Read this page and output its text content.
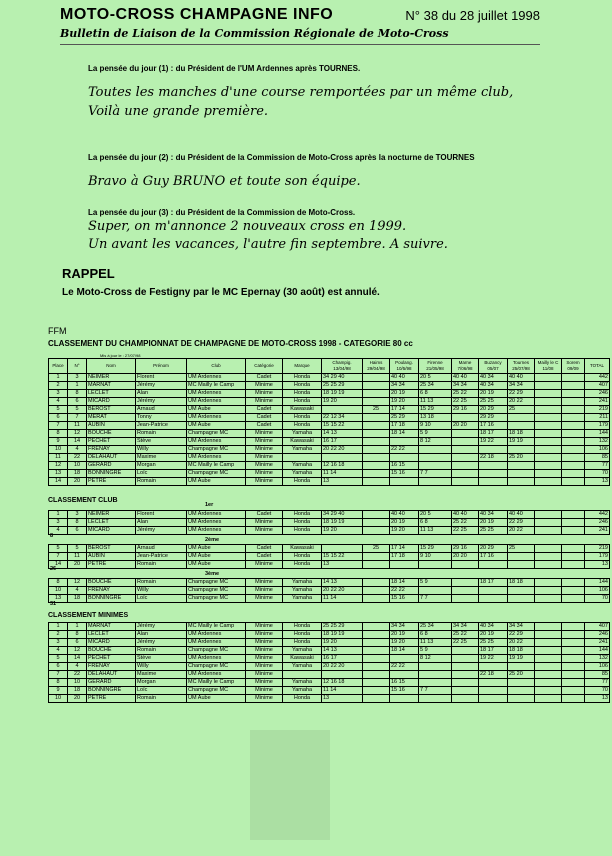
MOTO-CROSS CHAMPAGNE INFO	N° 38 du 28 juillet 1998
Bulletin de Liaison de la Commission Régionale de Moto-Cross
La pensée du jour (1) : du Président de l'UM Ardennes après TOURNES.
Toutes les manches d'une course remportées par un même club,
Voilà une grande première.
La pensée du jour (2) : du Président de la Commission de Moto-Cross après la nocturne de TOURNES
Bravo à Guy BRUNO et toute son équipe.
La pensée du jour (3) : du Président de la Commission de Moto-Cross.
Super, on m'annonce 2 nouveaux cross en 1999.
Un avant les vacances, l'autre fin septembre. A suivre.
RAPPEL
Le Moto-Cross de Festigny par le MC Epernay (30 août) est annulé.
FFM
CLASSEMENT DU CHAMPIONNAT DE CHAMPAGNE DE MOTO-CROSS 1998 - CATEGORIE 80 cc
Mis à jour le : 27/07/98
Place	N°	Nom	Prénom	Club	Catégorie	Marque	Champig. 13/04/98	Haims 29/04/98	Poulang. 10/5/98	Firenne 21/05/98	Marne 7/06/98	Buzancy 05/07	Tournes 25/07/98	Mailly le C 11/08	Sorem 09/09	TOTAL
1	3	NEIMER	Florent	UM Ardennes	Cadet	Honda	34 29 40		40 40	20 5	40 40	40 34	40 40			442
2	1	MARNAT	Jérémy	MC Mailly le Camp	Minime	Honda	25 25 29		34 34	25 34	34 34	40 34	34 34			407
3	8	LECLET	Alan	UM Ardennes	Minime	Honda	18 19 19		20 19	6 8	25 22	20 19	22 29			246
4	6	MICARD	Jérémy	UM Ardennes	Minime	Honda	19 20		19 20	11 13	22 25	25 25	20 22			241
5	5	BEROST	Arnaud	UM Aube	Cadet	Kawasaki		25	17 14	15 29	29 16	20 29	25			219
6	7	MERAT	Tonny	UM Ardennes	Cadet	Honda	22 12 34		25 29	13 18		29 29				211
7	11	AUBIN	Jean-Patrice	UM Aube	Cadet	Honda	15 15 22		17 18	9 10	20 20	17 16				179
8	12	BOUCHE	Romain	Champagne MC	Minime	Yamaha	14 13		18 14	5 9		18 17	18 18			144
9	14	PECHET	Stève	UM Ardennes	Minime	Kawasaki	16 17			8 12		19 22	19 19			132
10	4	FRENAY	Willy	Champagne MC	Minime	Yamaha	20 22 20		22 22							106
11	22	DELAHAUT	Maxime	UM Ardennes	Minime							22 18	25 20			85
12	10	GERARD	Morgan	MC Mailly le Camp	Minime	Yamaha	12 16 18		16 15							77
13	18	BONNINGRE	Loïc	Champagne MC	Minime	Yamaha	11 14		15 16	7 7						70
14	20	PETRE	Romain	UM Aube	Minime	Honda	13									13
CLASSEMENT CLUB
1er
1	3	NEIMER	Florent	UM Ardennes	Cadet	Honda	34 29 40		40 40	20 5	40 40	40 34	40 40			442
3	8	LECLET	Alan	UM Ardennes	Minime	Honda	18 19 19		20 19	6 8	25 22	20 19	22 29			246
4	6	MICARD	Jérémy	UM Ardennes	Minime	Honda	19 20		19 20	11 13	22 25	25 25	20 22			241
8
2ème
5	5	BEROST	Arnaud	UM Aube	Cadet	Kawasaki		25	17 14	15 29	29 16	20 29	25			219
7	11	AUBIN	Jean-Patrice	UM Aube	Cadet	Honda	15 15 22		17 18	9 10	20 20	17 16				179
14	20	PETRE	Romain	UM Aube	Minime	Honda	13									13
26
3ème
8	12	BOUCHE	Romain	Champagne MC	Minime	Yamaha	14 13		18 14	5 9		18 17	18 18			144
10	4	FRENAY	Willy	Champagne MC	Minime	Yamaha	20 22 20		22 22							106
13	18	BONNINGRE	Loïc	Champagne MC	Minime	Yamaha	11 14		15 16	7 7						70
31
CLASSEMENT MINIMES
1	1	MARNAT	Jérémy	MC Mailly le Camp	Minime	Honda	25 25 29		34 34	25 34	34 34	40 34	34 34			407
2	8	LECLET	Alan	UM Ardennes	Minime	Honda	18 19 19		20 19	6 8	25 22	20 19	22 29			246
3	6	MICARD	Jérémy	UM Ardennes	Minime	Honda	19 20		19 20	11 13	22 25	25 25	20 22			241
4	12	BOUCHE	Romain	Champagne MC	Minime	Yamaha	14 13		18 14	5 9		18 17	18 18			144
5	14	PECHET	Stève	UM Ardennes	Minime	Kawasaki	16 17			8 12		19 22	19 19			132
6	4	FRENAY	Willy	Champagne MC	Minime	Yamaha	20 22 20		22 22							106
7	22	DELAHAUT	Maxime	UM Ardennes	Minime							22 18	25 20			85
8	10	GERARD	Morgan	MC Mailly le Camp	Minime	Yamaha	12 16 18		16 15							77
9	18	BONNINGRE	Loïc	Champagne MC	Minime	Yamaha	11 14		15 16	7 7						70
10	20	PETRE	Romain	UM Aube	Minime	Honda	13									13
